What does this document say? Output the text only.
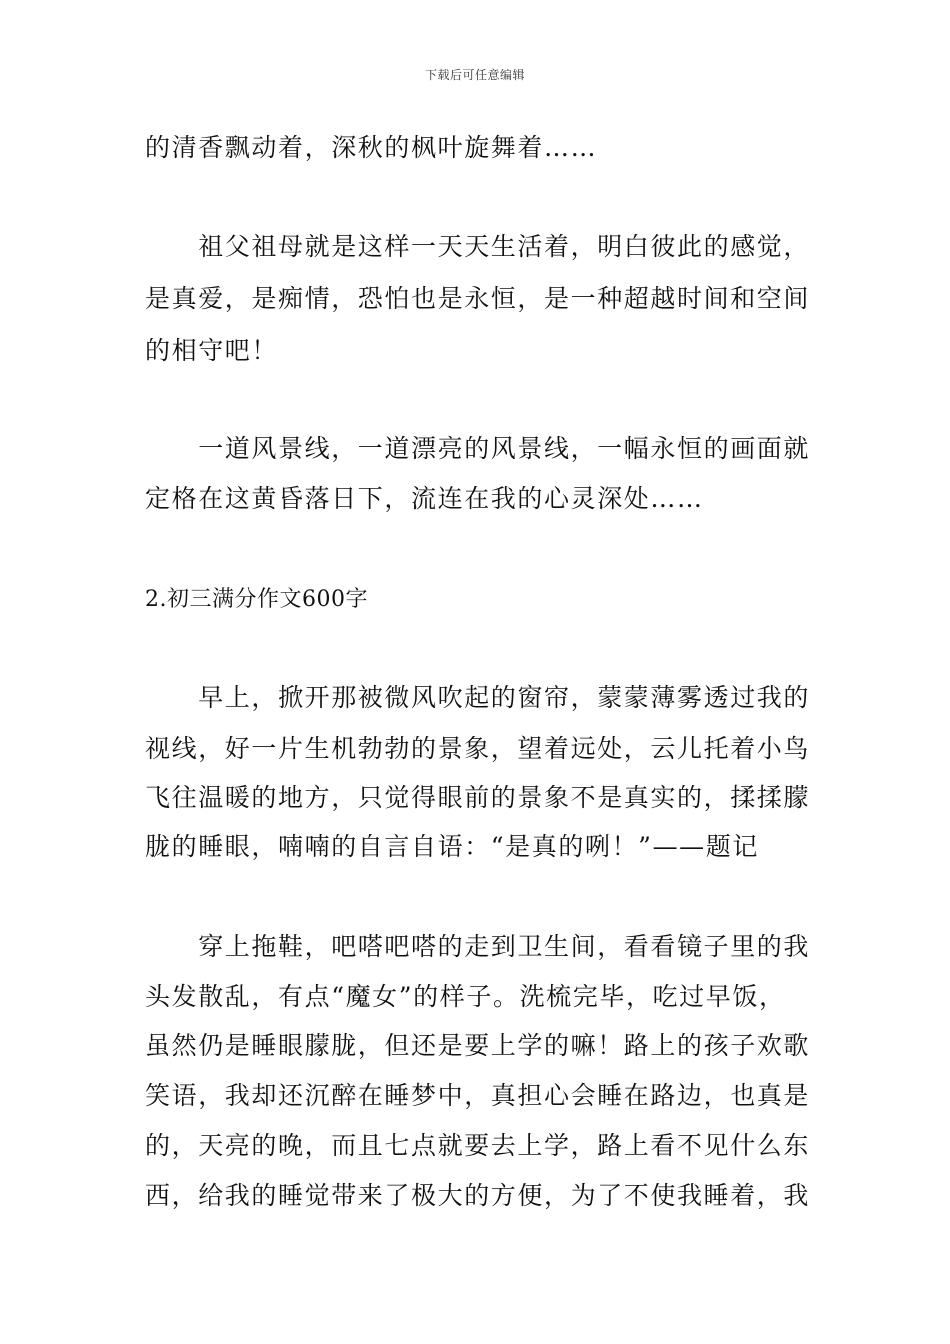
下载后可任意编辑
的清香飘动着，深秋的枫叶旋舞着……
　　祖父祖母就是这样一天天生活着，明白彼此的感觉，
是真爱，是痴情，恐怕也是永恒，是一种超越时间和空间
的相守吧！
　　一道风景线，一道漂亮的风景线，一幅永恒的画面就
定格在这黄昏落日下，流连在我的心灵深处……
2.初三满分作文600字
　　早上，掀开那被微风吹起的窗帘，蒙蒙薄雾透过我的
视线，好一片生机勃勃的景象，望着远处，云儿托着小鸟
飞往温暖的地方，只觉得眼前的景象不是真实的，揉揉朦
胧的睡眼，喃喃的自言自语：“是真的咧！”——题记
　　穿上拖鞋，吧嗒吧嗒的走到卫生间，看看镜子里的我
头发散乱，有点“魔女”的样子。洗梳完毕，吃过早饭，
虽然仍是睡眼朦胧，但还是要上学的嘛！路上的孩子欢歌
笑语，我却还沉醉在睡梦中，真担心会睡在路边，也真是
的，天亮的晚，而且七点就要去上学，路上看不见什么东
西，给我的睡觉带来了极大的方便，为了不使我睡着，我
